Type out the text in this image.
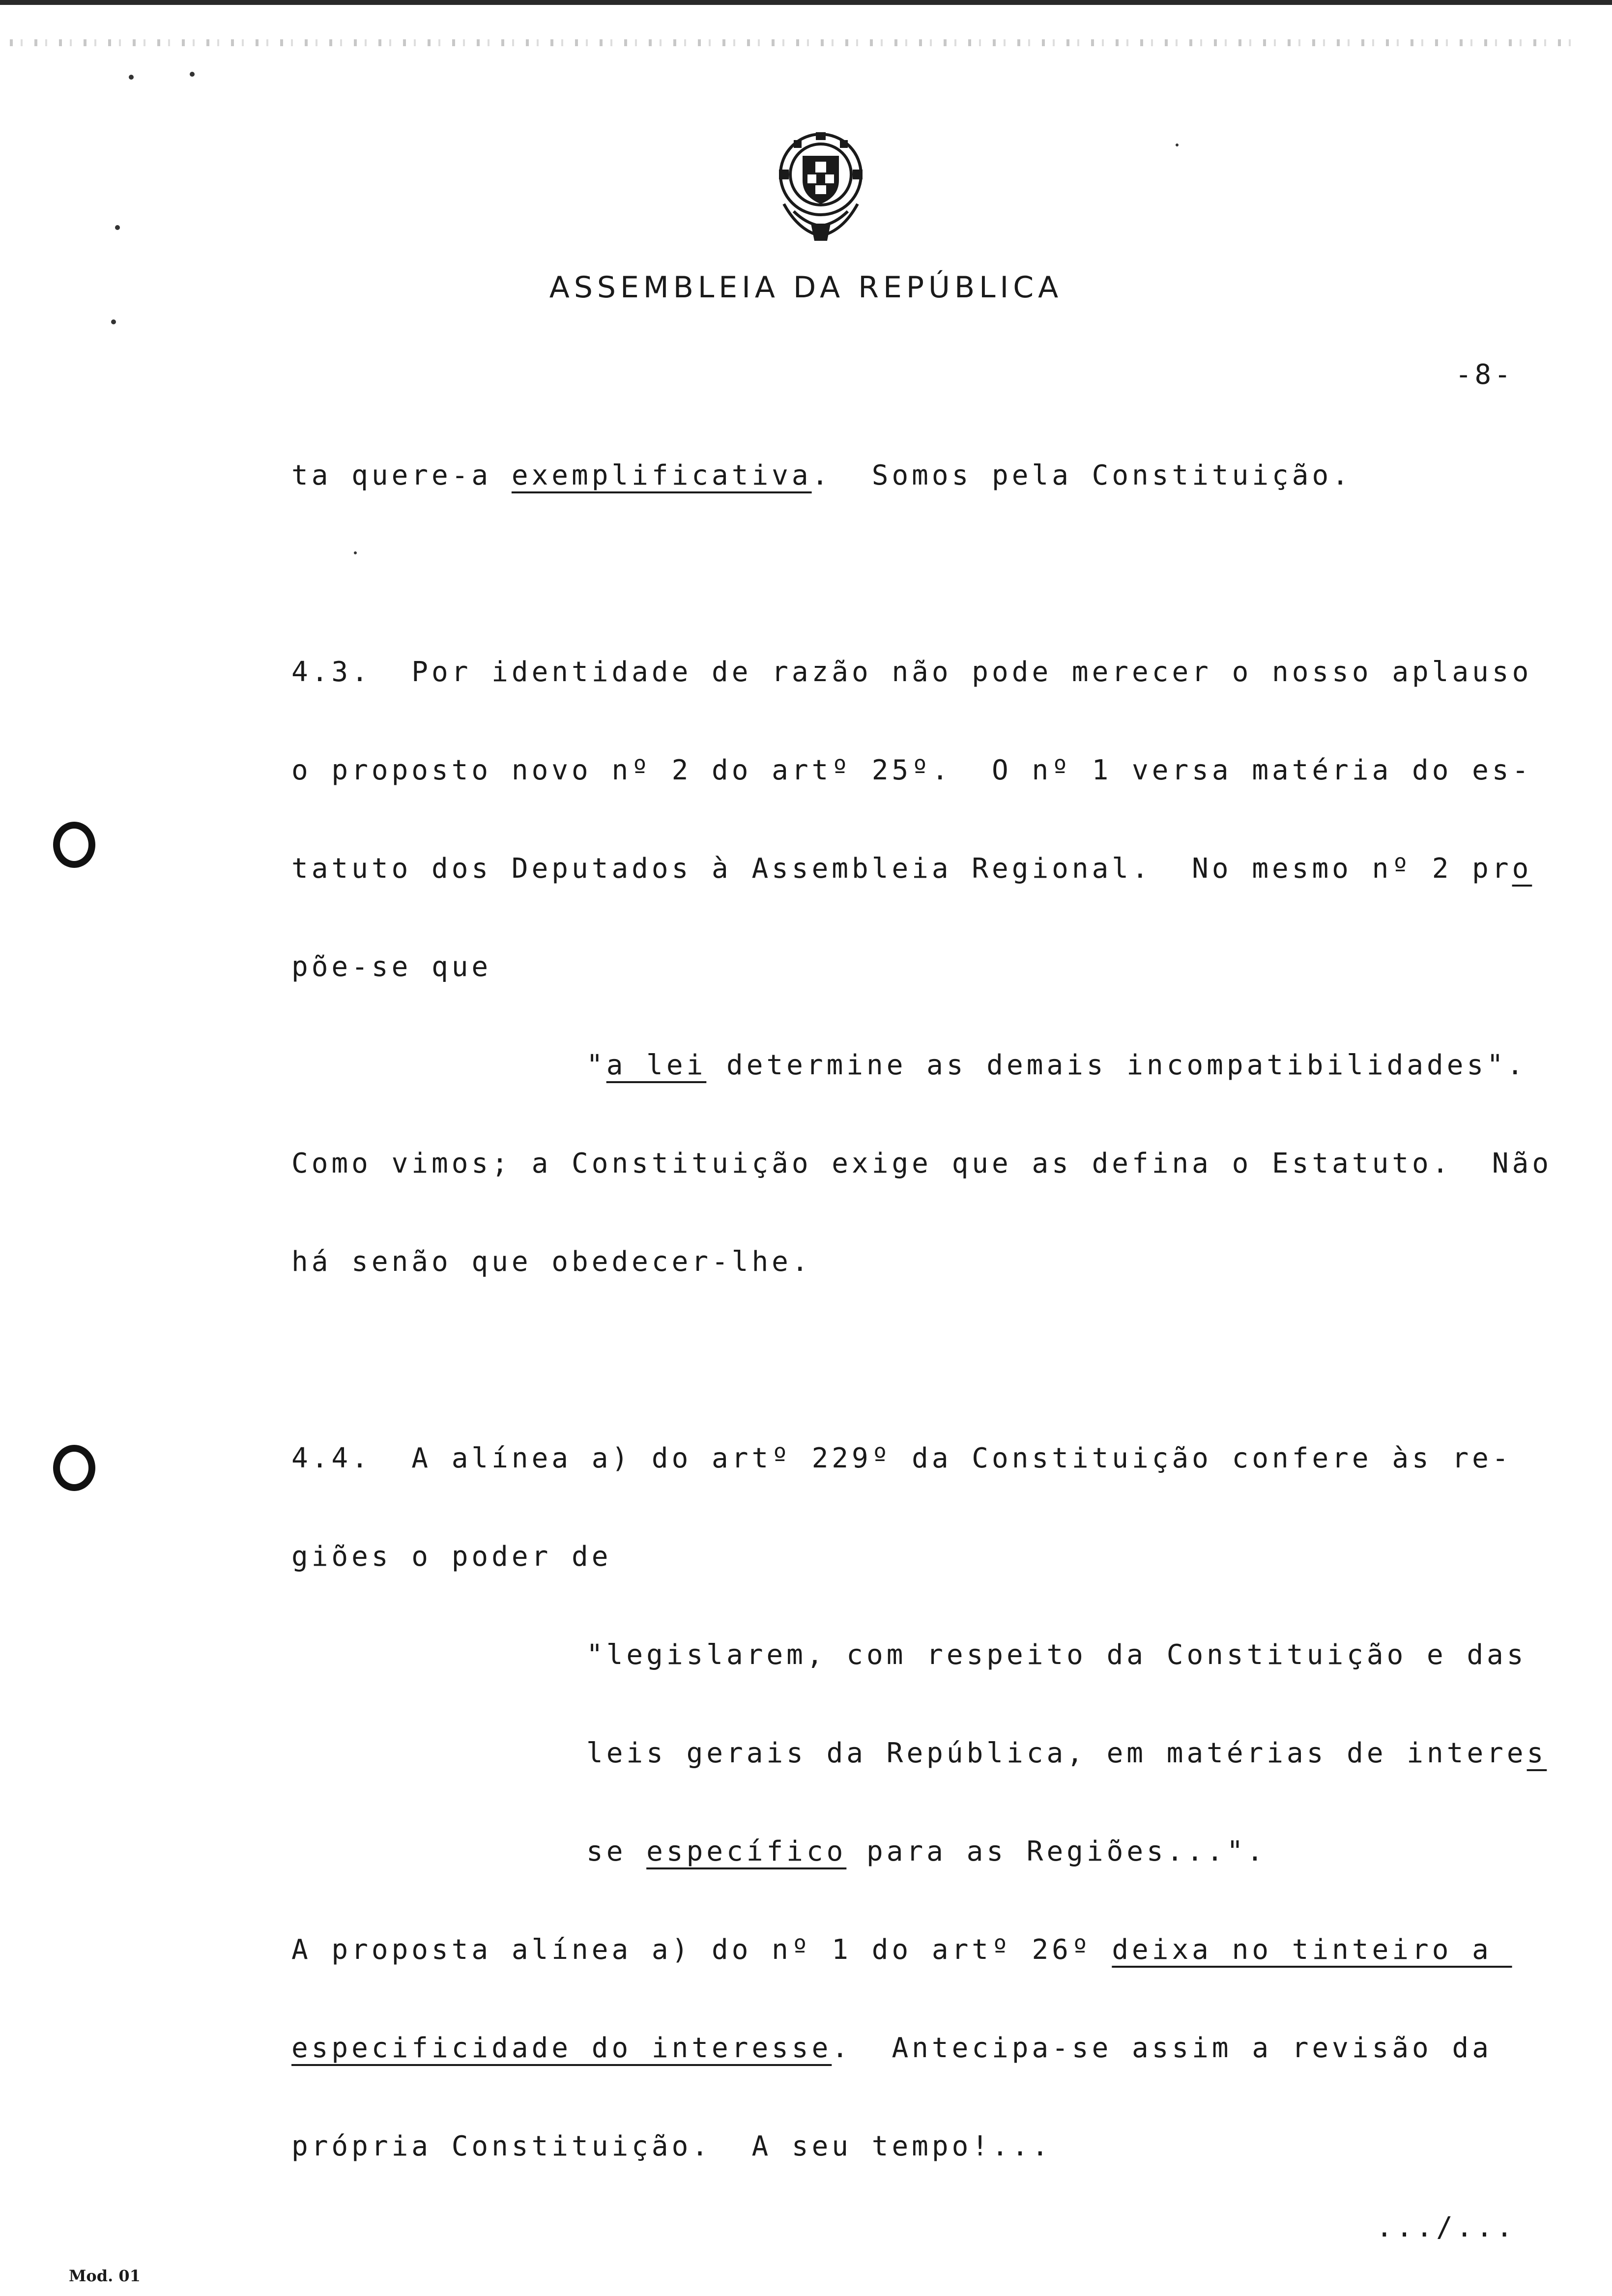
ASSEMBLEIA DA REPÚBLICA
-8-
ta quere-a exemplificativa.  Somos pela Constituição.
4.3.  Por identidade de razão não pode merecer o nosso aplauso
o proposto novo nº 2 do artº 25º.  O nº 1 versa matéria do es-
tatuto dos Deputados à Assembleia Regional.  No mesmo nº 2 pro
põe-se que
"a lei determine as demais incompatibilidades".
Como vimos; a Constituição exige que as defina o Estatuto.  Não
há senão que obedecer-lhe.
4.4.  A alínea a) do artº 229º da Constituição confere às re-
giões o poder de
"legislarem, com respeito da Constituição e das
leis gerais da República, em matérias de interes
se específico para as Regiões...".
A proposta alínea a) do nº 1 do artº 26º deixa no tinteiro a
especificidade do interesse.  Antecipa-se assim a revisão da
própria Constituição.  A seu tempo!...
.../...
Mod. 01
